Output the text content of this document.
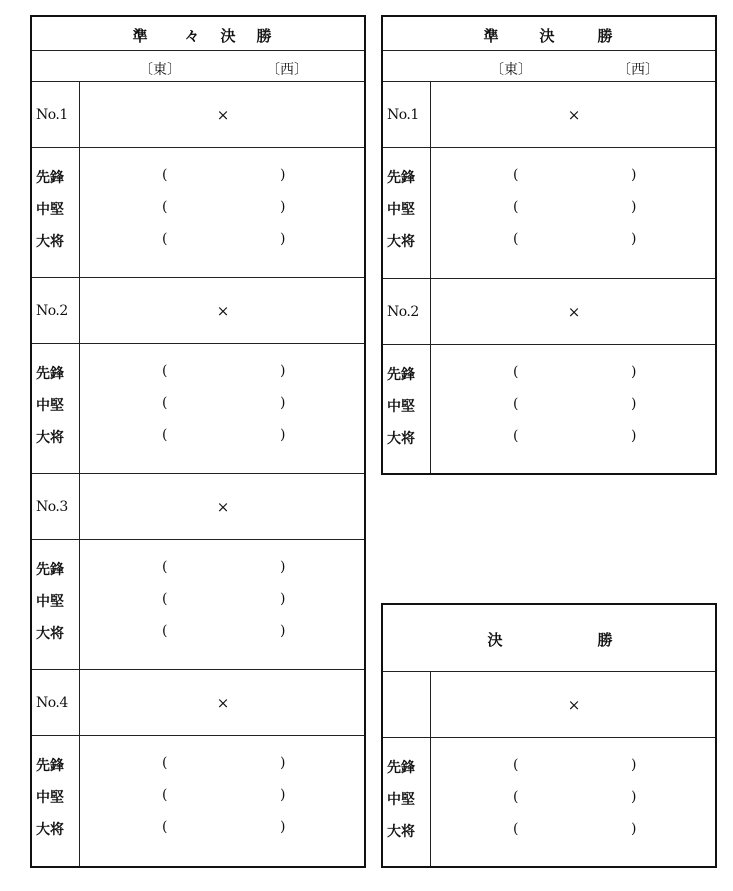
準 々 決 勝
〔東〕	〔西〕
No.1	×
先鋒	(	)
中堅	(	)
大将	(	)
No.2	×
先鋒	(	)
中堅	(	)
大将	(	)
No.3	×
先鋒	(	)
中堅	(	)
大将	(	)
No.4	×
先鋒	(	)
中堅	(	)
大将	(	)
準	決	勝
〔東〕	〔西〕
No.1	×
先鋒	(	)
中堅	(	)
大将	(	)
No.2	×
先鋒	(	)
中堅	(	)
大将	(	)
決	勝
×
先鋒	(	)
中堅	(	)
大将	(	)
